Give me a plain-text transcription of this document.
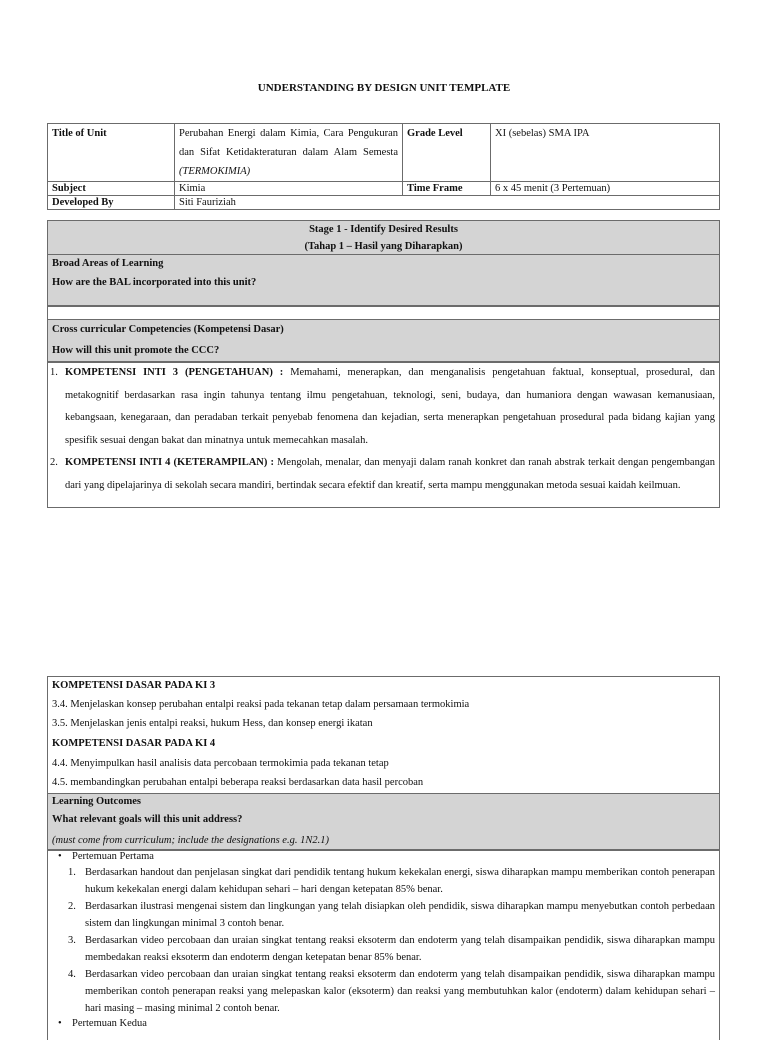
UNDERSTANDING BY DESIGN UNIT TEMPLATE
Title of Unit	Perubahan Energi dalam Kimia, Cara Pengukuran dan Sifat Ketidakteraturan dalam Alam Semesta (TERMOKIMIA)	Grade Level	XI (sebelas) SMA IPA
Subject	Kimia	Time Frame	6 x 45 menit (3 Pertemuan)
Developed By	Siti Fauriziah		
Stage 1 - Identify Desired Results
(Tahap 1 – Hasil yang Diharapkan)
Broad Areas of Learning
How are the BAL incorporated into this unit?
Cross curricular Competencies (Kompetensi Dasar)
How will this unit promote the CCC?
1. KOMPETENSI INTI 3 (PENGETAHUAN) : Memahami, menerapkan, dan menganalisis pengetahuan faktual, konseptual, prosedural, dan metakognitif berdasarkan rasa ingin tahunya tentang ilmu pengetahuan, teknologi, seni, budaya, dan humaniora dengan wawasan kemanusiaan, kebangsaan, kenegaraan, dan peradaban terkait penyebab fenomena dan kejadian, serta menerapkan pengetahuan prosedural pada bidang kajian yang spesifik sesuai dengan bakat dan minatnya untuk memecahkan masalah.
2. KOMPETENSI INTI 4 (KETERAMPILAN) : Mengolah, menalar, dan menyaji dalam ranah konkret dan ranah abstrak terkait dengan pengembangan dari yang dipelajarinya di sekolah secara mandiri, bertindak secara efektif dan kreatif, serta mampu menggunakan metoda sesuai kaidah keilmuan.
KOMPETENSI DASAR PADA KI 3
3.4. Menjelaskan konsep perubahan entalpi reaksi pada tekanan tetap dalam persamaan termokimia
3.5. Menjelaskan jenis entalpi reaksi, hukum Hess, dan konsep energi ikatan
KOMPETENSI DASAR PADA KI 4
4.4. Menyimpulkan hasil analisis data percobaan termokimia pada tekanan tetap
4.5. membandingkan perubahan entalpi beberapa reaksi berdasarkan data hasil percoban
Learning Outcomes
What relevant goals will this unit address?
(must come from curriculum; include the designations e.g. 1N2.1)
• Pertemuan Pertama
1. Berdasarkan handout dan penjelasan singkat dari pendidik tentang hukum kekekalan energi, siswa diharapkan mampu memberikan contoh penerapan hukum kekekalan energi dalam kehidupan sehari – hari dengan ketepatan 85% benar.
2. Berdasarkan ilustrasi mengenai sistem dan lingkungan yang telah disiapkan oleh pendidik, siswa diharapkan mampu menyebutkan contoh perbedaan sistem dan lingkungan minimal 3 contoh benar.
3. Berdasarkan video percobaan dan uraian singkat tentang reaksi eksoterm dan endoterm yang telah disampaikan pendidik, siswa diharapkan mampu membedakan reaksi eksoterm dan endoterm dengan ketepatan benar 85% benar.
4. Berdasarkan video percobaan dan uraian singkat tentang reaksi eksoterm dan endoterm yang telah disampaikan pendidik, siswa diharapkan mampu memberikan contoh penerapan reaksi yang melepaskan kalor (eksoterm) dan reaksi yang membutuhkan kalor (endoterm) dalam kehidupan sehari – hari masing – masing minimal 2 contoh benar.
• Pertemuan Kedua
